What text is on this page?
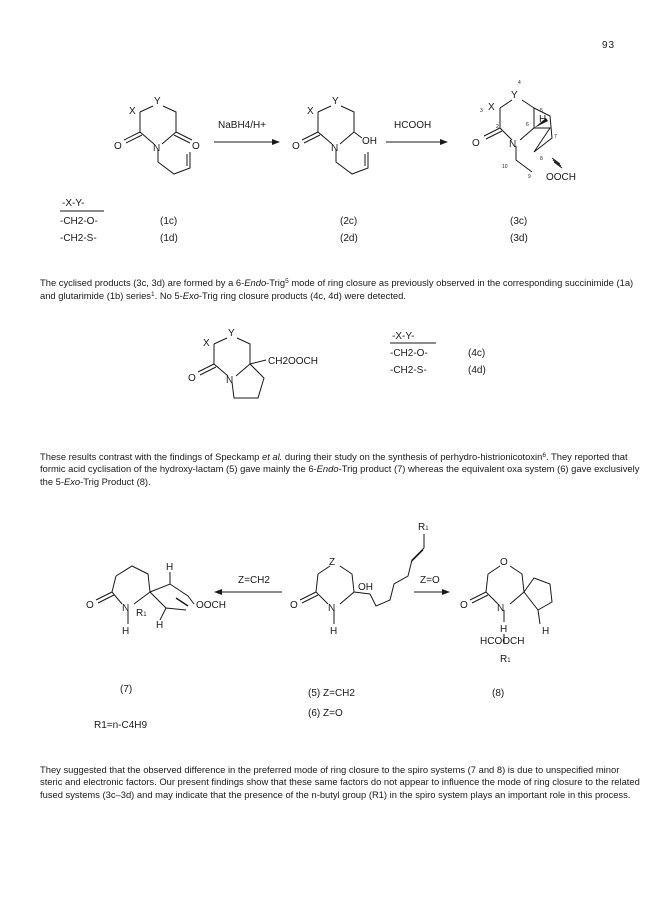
93
X
Y
N
O	O
NaBH4/H+
X
Y
N
O	OH
HCOOH
X
Y
N
O
H
OOCH
3
4
5
7
10
9
6
8
2
-X-Y-
-CH2-O-	(1c)	(2c)	(3c)
-CH2-S-	(1d)	(2d)	(3d)
X
Y
N
O
CH2OOCH
-X-Y-
-CH2-O-	(4c)
-CH2-S-	(4d)
N
O
H
R1
H
H
OOCH
Z=CH2
Z
N
O
OH
H
R1
Z=O
O
N
O
H
HCOOCH
R1
H
(7)	(5) Z=CH2
(6) Z=O
(8)
R1=n-C4H9

The cyclised products (3c, 3d) are formed by a 6-Endo-Trig$^5$ mode of ring closure as previously observed in the corresponding succinimide (1a) and glutarimide (1b) series$^1$. No 5-Exo-Trig ring closure products (4c, 4d) were detected.

These results contrast with the findings of Speckamp et al. during their study on the synthesis of perhydro-histrionicotoxin$^6$. They reported that formic acid cyclisation of the hydroxy-lactam (5) gave mainly the 6-Endo-Trig product (7) whereas the equivalent oxa system (6) gave exclusively the 5-Exo-Trig Product (8).

They suggested that the observed difference in the preferred mode of ring closure to the spiro systems (7 and 8) is due to unspecified minor steric and electronic factors. Our present findings show that these same factors do not appear to influence the mode of ring closure to the related fused systems (3c–3d) and may indicate that the presence of the n-butyl group (R1) in the spiro system plays an important role in this process.
